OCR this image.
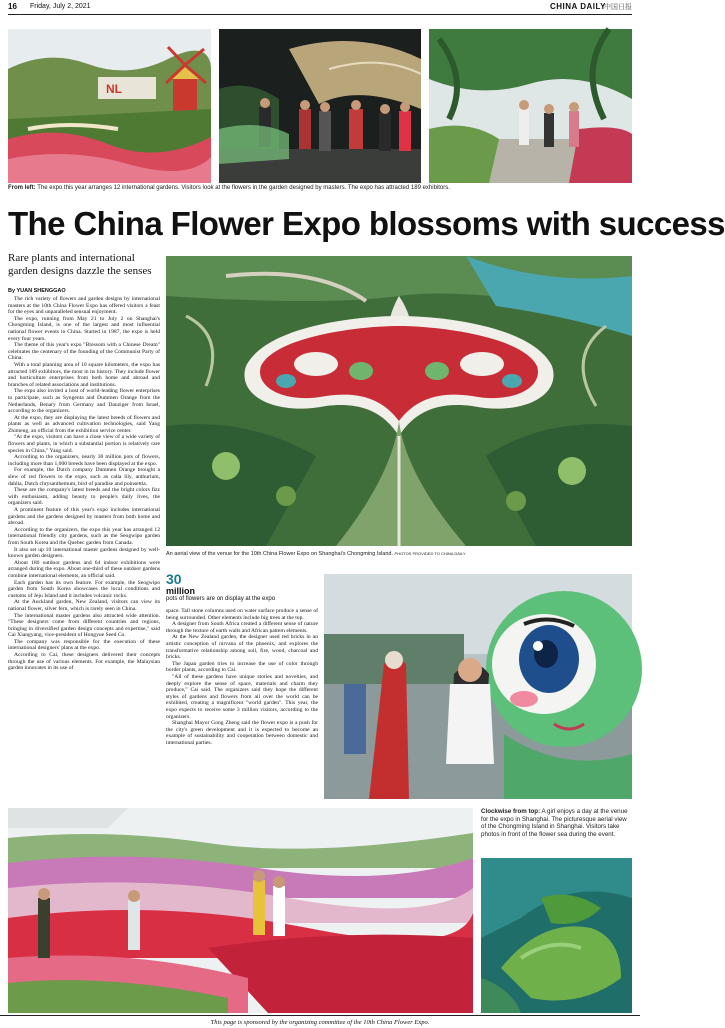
16 Friday, July 2, 2021	CHINA DAILY
中国日报
NL
From left: The expo this year arranges 12 international gardens. Visitors look at the flowers in the garden designed by masters. The expo has attracted 189 exhibitors.
The China Flower Expo blossoms with success
Rare plants and international garden designs dazzle the senses
By YUAN SHENGGAO
An aerial view of the venue for the 10th China Flower Expo on Shanghai's Chongming Island. PHOTOS PROVIDED TO CHINA DAILY

The rich variety of flowers and garden designs by international masters at the 10th China Flower Expo has offered visitors a feast for the eyes and unparalleled sensual enjoyment.

The expo, running from May 21 to July 2 on Shanghai's Chongming Island, is one of the largest and most influential national flower events in China. Started in 1987, the expo is held every four years.

The theme of this year's expo "Blossom with a Chinese Dream" celebrates the centenary of the founding of the Communist Party of China.

With a total planning area of 10 square kilometers, the expo has attracted 189 exhibitors, the most in its history. They include flower and horticulture enterprises from both home and abroad and branches of related associations and institutions.

The expo also invited a host of world-leading flower enterprises to participate, such as Syngenta and Dummen Orange from the Netherlands, Benary from Germany and Danziger from Israel, according to the organizers.

At the expo, they are displaying the latest breeds of flowers and plants as well as advanced cultivation technologies, said Yang Zhimeng, an official from the exhibition service center.

"At the expo, visitors can have a close view of a wide variety of flowers and plants, in which a substantial portion is relatively rare species in China," Yang said.

According to the organizers, nearly 30 million pots of flowers, including more than 1,000 breeds have been displayed at the expo.

For example, the Dutch company Dummen Orange brought a slew of red flowers to the expo, such as calla lily, anthurium, dahlia, Dutch chrysanthemum, bird of paradise and poinsettia.

These are the company's latest breeds and the bright colors fizz with enthusiasm, adding beauty to people's daily lives, the organizers said.

A prominent feature of this year's expo includes international gardens and the gardens designed by masters from both home and abroad.

According to the organizers, the expo this year has arranged 12 international friendly city gardens, such as the Seogwipo garden from South Korea and the Quebec garden from Canada.

It also set up 10 international master gardens designed by well-known garden designers.

About 180 outdoor gardens and 64 indoor exhibitions were arranged during the expo. About one-third of these outdoor gardens combine international elements, an official said.

Each garden has its own feature. For example, the Seogwipo garden from South Korea showcases the local conditions and customs of Jeju Island and it includes volcanic rocks.

At the Auckland garden, New Zealand, visitors can view its national flower, silver fern, which is rarely seen in China.

The international master gardens also attracted wide attention. "These designers come from different countries and regions, bringing in diversified garden design concepts and expertise," said Cai Xiangyang, vice-president of Hongyue Seed Co.

The company was responsible for the execution of these international designers' plans at the expo.

According to Cai, these designers delivered their concepts through the use of various elements. For example, the Malaysian garden innovates in its use of

30
million
pots of flowers are on display at the expo

space. Tall stone columns used on water surface produce a sense of being surrounded. Other elements include big trees at the top.

A designer from South Africa created a different sense of nature through the texture of earth walls and African pattern elements.

At the New Zealand garden, the designer used red bricks in an artistic conception of nirvana of the phoenix, and explores the transformative relationship among soil, fire, wood, charcoal and bricks.

The Japan garden tries to increase the use of color through border plants, according to Cai.

"All of these gardens have unique stories and novelties, and deeply explore the sense of space, materials and charm they produce," Cai said. The organizers said they hope the different styles of gardens and flowers from all over the world can be exhibited, creating a magnificent "world garden". This year, the expo expects to receive some 3 million visitors, according to the organizers.

Shanghai Mayor Gong Zheng said the flower expo is a push for the city's green development and it is expected to become an example of sustainability and cooperation between domestic and international parties.

Clockwise from top: A girl enjoys a day at the venue for the expo in Shanghai. The picturesque aerial view of the Chongming Island in Shanghai. Visitors take photos in front of the flower sea during the event.
This page is sponsored by the organizing committee of the 10th China Flower Expo.
